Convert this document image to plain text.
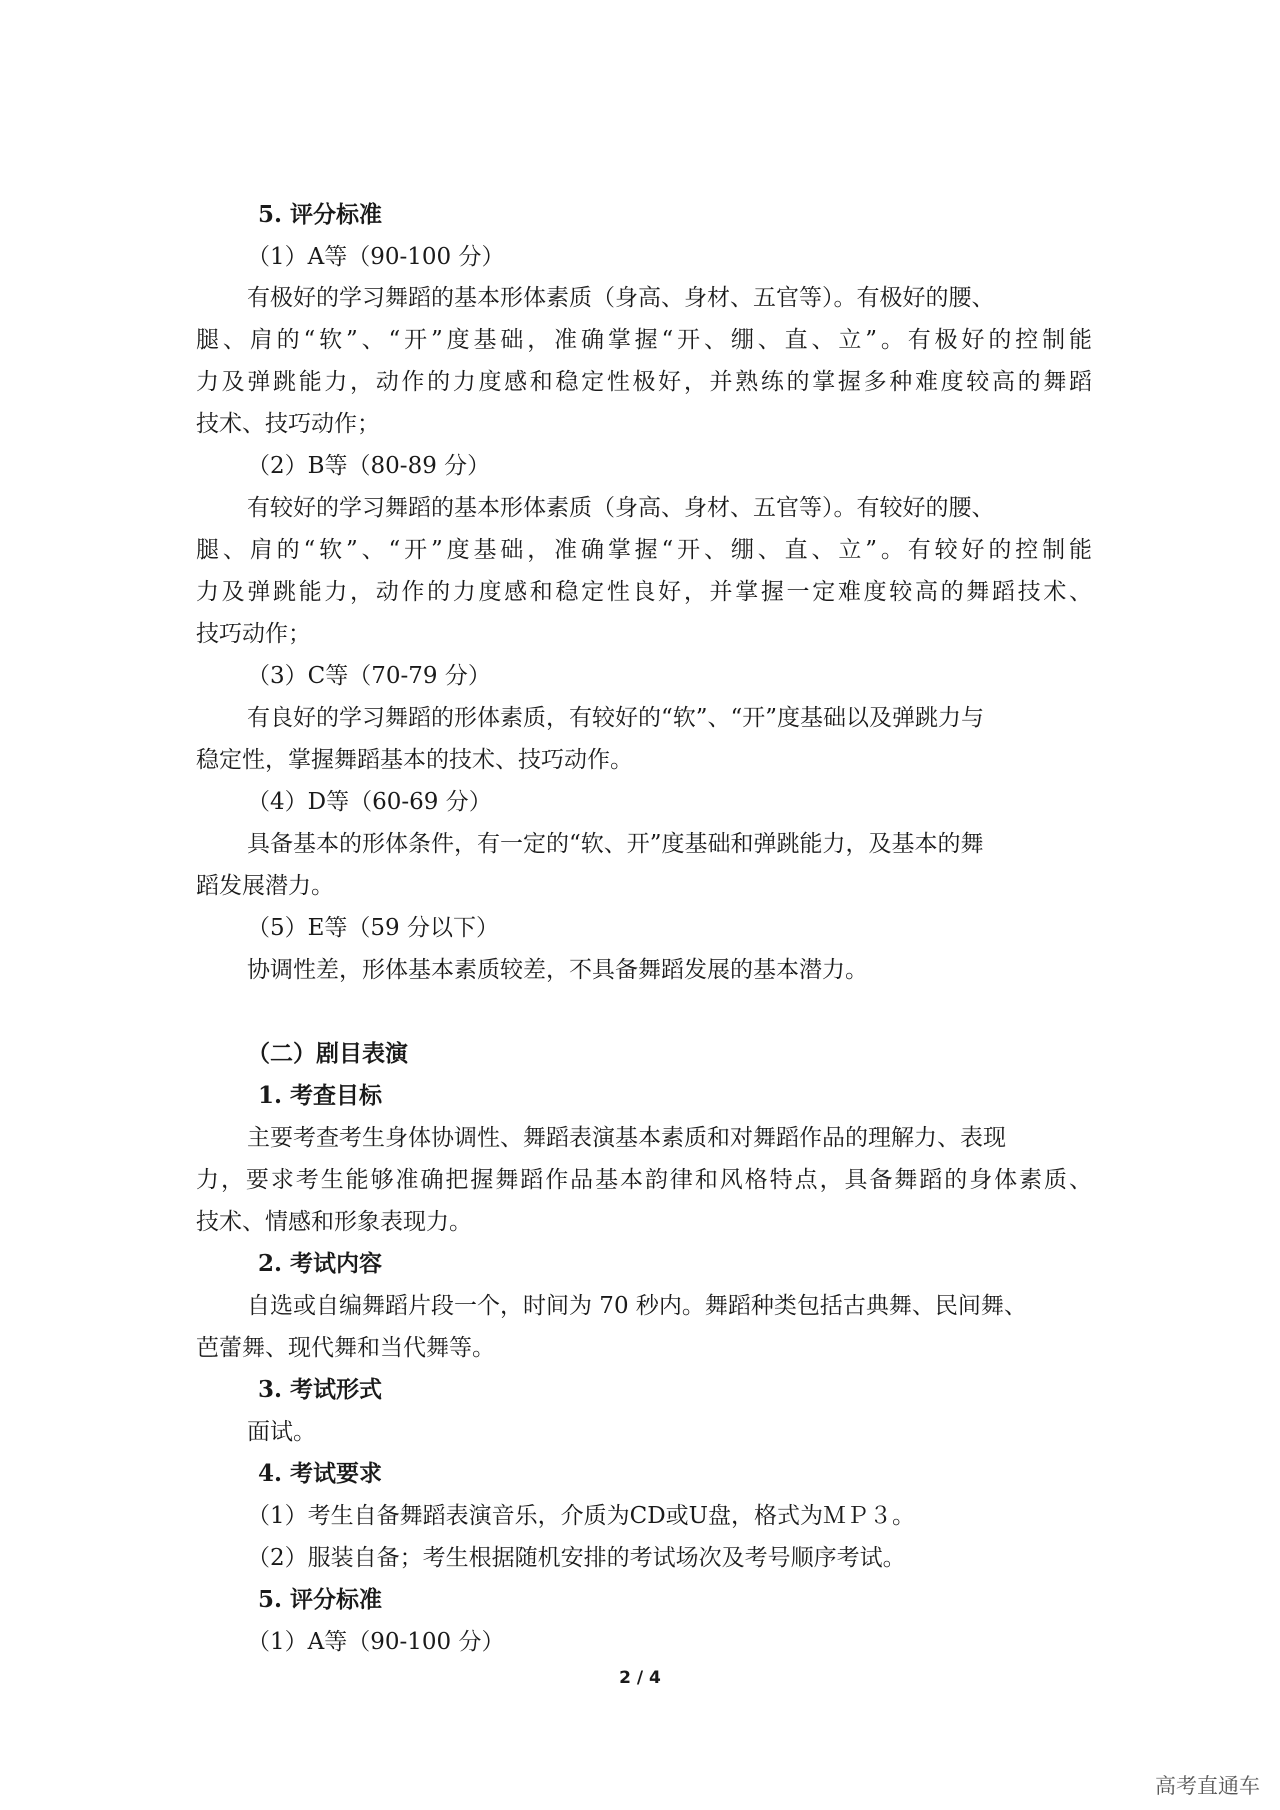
5. 评分标准
（1）A等（90-100 分）
有极好的学习舞蹈的基本形体素质（身高、身材、五官等）。有极好的腰、
腿、肩的“软”、“开”度基础，准确掌握“开、绷、直、立”。有极好的控制能
力及弹跳能力，动作的力度感和稳定性极好，并熟练的掌握多种难度较高的舞蹈
技术、技巧动作；
（2）B等（80-89 分）
有较好的学习舞蹈的基本形体素质（身高、身材、五官等）。有较好的腰、
腿、肩的“软”、“开”度基础，准确掌握“开、绷、直、立”。有较好的控制能
力及弹跳能力，动作的力度感和稳定性良好，并掌握一定难度较高的舞蹈技术、
技巧动作；
（3）C等（70-79 分）
有良好的学习舞蹈的形体素质，有较好的“软”、“开”度基础以及弹跳力与
稳定性，掌握舞蹈基本的技术、技巧动作。
（4）D等（60-69 分）
具备基本的形体条件，有一定的“软、开”度基础和弹跳能力，及基本的舞
蹈发展潜力。
（5）E等（59 分以下）
协调性差，形体基本素质较差，不具备舞蹈发展的基本潜力。
（二）剧目表演
1. 考查目标
主要考查考生身体协调性、舞蹈表演基本素质和对舞蹈作品的理解力、表现
力，要求考生能够准确把握舞蹈作品基本韵律和风格特点，具备舞蹈的身体素质、
技术、情感和形象表现力。
2. 考试内容
自选或自编舞蹈片段一个，时间为 70 秒内。舞蹈种类包括古典舞、民间舞、
芭蕾舞、现代舞和当代舞等。
3. 考试形式
面试。
4. 考试要求
（1）考生自备舞蹈表演音乐，介质为CD或U盘，格式为ＭＰ３。
（2）服装自备；考生根据随机安排的考试场次及考号顺序考试。
5. 评分标准
（1）A等（90-100 分）
2 / 4
高考直通车
